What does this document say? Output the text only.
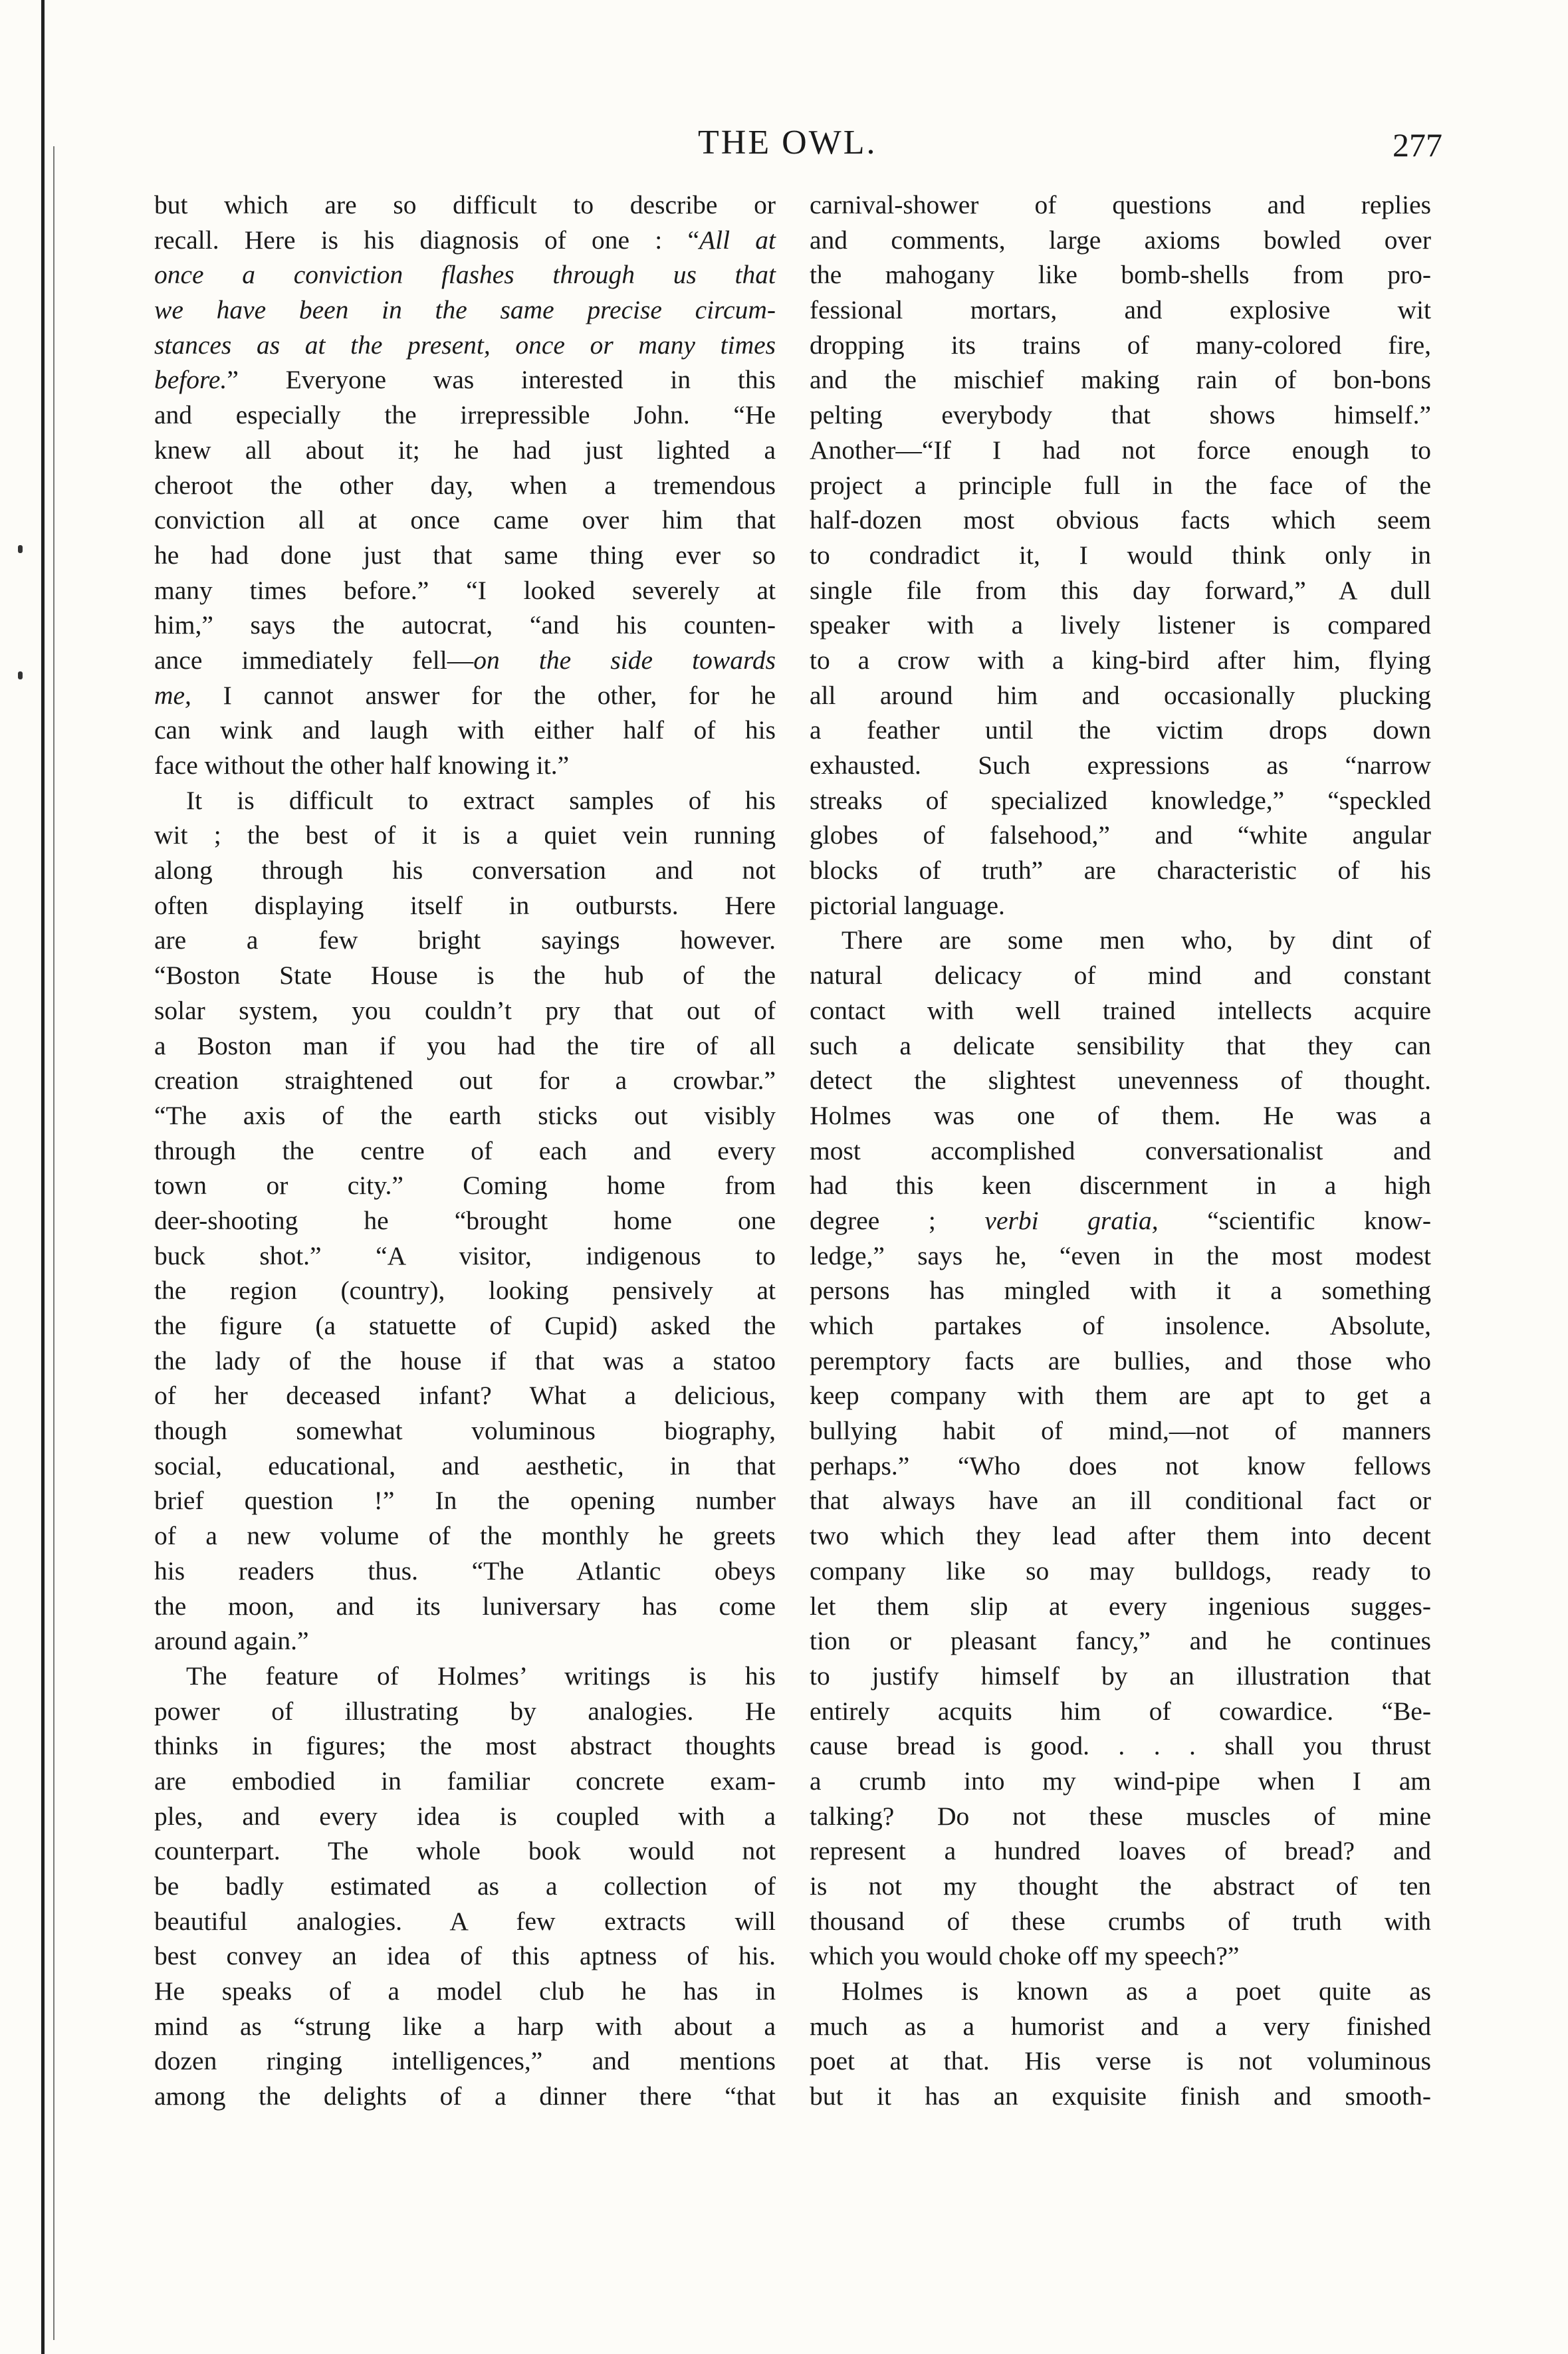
THE OWL.	277
but which are so difficult to describe or
recall. Here is his diagnosis of one : “All at
once a conviction flashes through us that
we have been in the same precise circum-
stances as at the present, once or many times
before.” Everyone was interested in this
and especially the irrepressible John. “He
knew all about it; he had just lighted a
cheroot the other day, when a tremendous
conviction all at once came over him that
he had done just that same thing ever so
many times before.” “I looked severely at
him,” says the autocrat, “and his counten-
ance immediately fell—on the side towards
me, I cannot answer for the other, for he
can wink and laugh with either half of his
face without the other half knowing it.”
It is difficult to extract samples of his
wit ; the best of it is a quiet vein running
along through his conversation and not
often displaying itself in outbursts. Here
are a few bright sayings however.
“Boston State House is the hub of the
solar system, you couldn’t pry that out of
a Boston man if you had the tire of all
creation straightened out for a crowbar.”
“The axis of the earth sticks out visibly
through the centre of each and every
town or city.” Coming home from
deer-shooting he “brought home one
buck shot.” “A visitor, indigenous to
the region (country), looking pensively at
the figure (a statuette of Cupid) asked the
the lady of the house if that was a statoo
of her deceased infant? What a delicious,
though somewhat voluminous biography,
social, educational, and aesthetic, in that
brief question !” In the opening number
of a new volume of the monthly he greets
his readers thus. “The Atlantic obeys
the moon, and its luniversary has come
around again.”
The feature of Holmes’ writings is his
power of illustrating by analogies. He
thinks in figures; the most abstract thoughts
are embodied in familiar concrete exam-
ples, and every idea is coupled with a
counterpart. The whole book would not
be badly estimated as a collection of
beautiful analogies. A few extracts will
best convey an idea of this aptness of his.
He speaks of a model club he has in
mind as “strung like a harp with about a
dozen ringing intelligences,” and mentions
among the delights of a dinner there “that
carnival-shower of questions and replies
and comments, large axioms bowled over
the mahogany like bomb-shells from pro-
fessional mortars, and explosive wit
dropping its trains of many-colored fire,
and the mischief making rain of bon-bons
pelting everybody that shows himself.”
Another—“If I had not force enough to
project a principle full in the face of the
half-dozen most obvious facts which seem
to condradict it, I would think only in
single file from this day forward,” A dull
speaker with a lively listener is compared
to a crow with a king-bird after him, flying
all around him and occasionally plucking
a feather until the victim drops down
exhausted. Such expressions as “narrow
streaks of specialized knowledge,” “speckled
globes of falsehood,” and “white angular
blocks of truth” are characteristic of his
pictorial language.
There are some men who, by dint of
natural delicacy of mind and constant
contact with well trained intellects acquire
such a delicate sensibility that they can
detect the slightest unevenness of thought.
Holmes was one of them. He was a
most accomplished conversationalist and
had this keen discernment in a high
degree ; verbi gratia, “scientific know-
ledge,” says he, “even in the most modest
persons has mingled with it a something
which partakes of insolence. Absolute,
peremptory facts are bullies, and those who
keep company with them are apt to get a
bullying habit of mind,—not of manners
perhaps.” “Who does not know fellows
that always have an ill conditional fact or
two which they lead after them into decent
company like so may bulldogs, ready to
let them slip at every ingenious sugges-
tion or pleasant fancy,” and he continues
to justify himself by an illustration that
entirely acquits him of cowardice. “Be-
cause bread is good. . . . shall you thrust
a crumb into my wind-pipe when I am
talking? Do not these muscles of mine
represent a hundred loaves of bread? and
is not my thought the abstract of ten
thousand of these crumbs of truth with
which you would choke off my speech?”
Holmes is known as a poet quite as
much as a humorist and a very finished
poet at that. His verse is not voluminous
but it has an exquisite finish and smooth-
